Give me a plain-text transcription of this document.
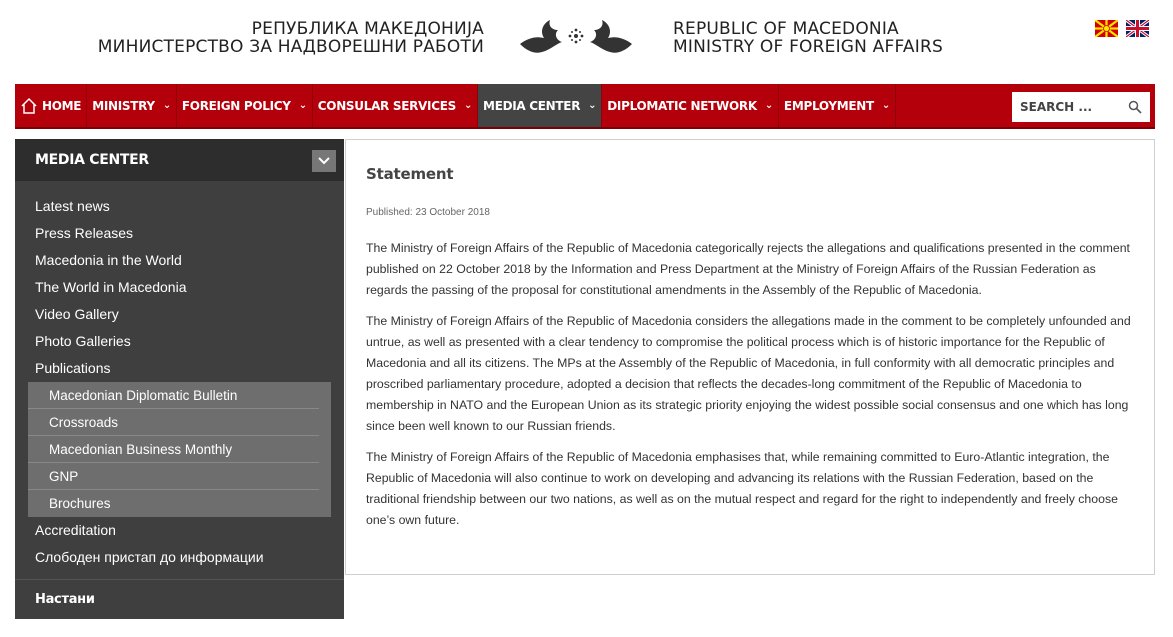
РЕПУБЛИКА МАКЕДОНИЈА
МИНИСТЕРСТВО ЗА НАДВОРЕШНИ РАБОТИ
REPUBLIC OF MACEDONIA
MINISTRY OF FOREIGN AFFAIRS
HOME MINISTRY ⌄ FOREIGN POLICY ⌄ CONSULAR SERVICES ⌄ MEDIA CENTER ⌄ DIPLOMATIC NETWORK ⌄ EMPLOYMENT ⌄
SEARCH ...
MEDIA CENTER
Latest news
Press Releases
Macedonia in the World
The World in Macedonia
Video Gallery
Photo Galleries
Publications
Macedonian Diplomatic Bulletin
Crossroads
Macedonian Business Monthly
GNP
Brochures
Accreditation
Слободен пристап до информации
Настани
Statement
Published: 23 October 2018

The Ministry of Foreign Affairs of the Republic of Macedonia categorically rejects the allegations and qualifications presented in the comment published on 22 October 2018 by the Information and Press Department at the Ministry of Foreign Affairs of the Russian Federation as regards the passing of the proposal for constitutional amendments in the Assembly of the Republic of Macedonia.

The Ministry of Foreign Affairs of the Republic of Macedonia considers the allegations made in the comment to be completely unfounded and untrue, as well as presented with a clear tendency to compromise the political process which is of historic importance for the Republic of Macedonia and all its citizens. The MPs at the Assembly of the Republic of Macedonia, in full conformity with all democratic principles and proscribed parliamentary procedure, adopted a decision that reflects the decades-long commitment of the Republic of Macedonia to membership in NATO and the European Union as its strategic priority enjoying the widest possible social consensus and one which has long since been well known to our Russian friends.

The Ministry of Foreign Affairs of the Republic of Macedonia emphasises that, while remaining committed to Euro-Atlantic integration, the Republic of Macedonia will also continue to work on developing and advancing its relations with the Russian Federation, based on the traditional friendship between our two nations, as well as on the mutual respect and regard for the right to independently and freely choose one’s own future.
